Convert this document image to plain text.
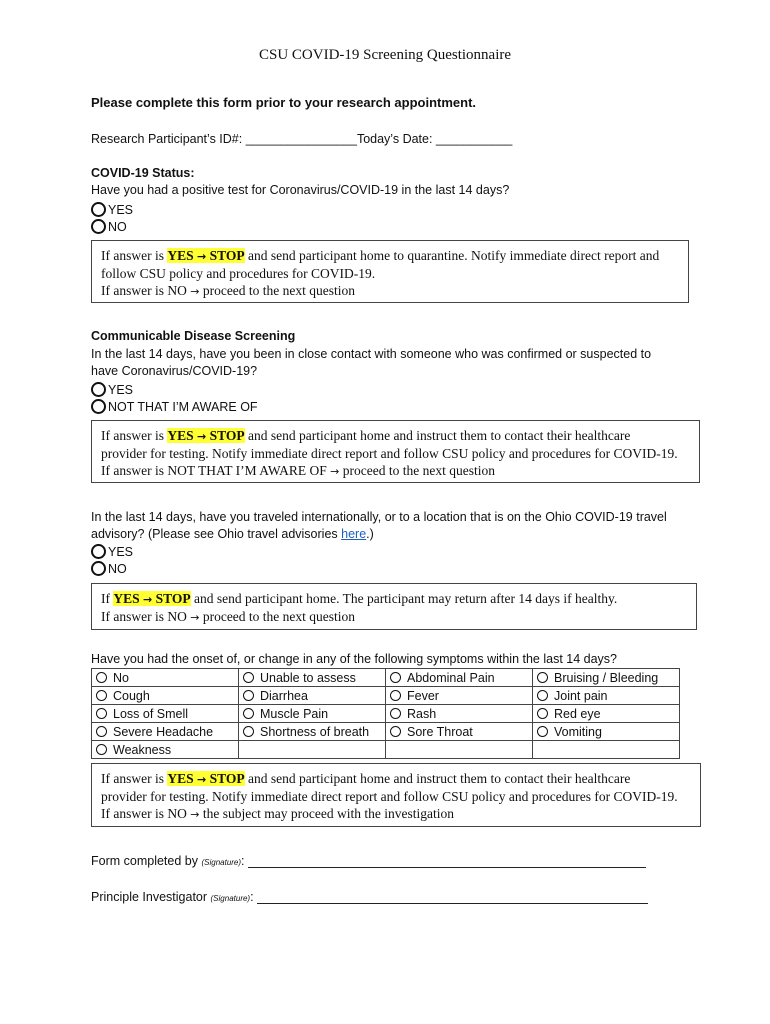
CSU COVID-19 Screening Questionnaire
Please complete this form prior to your research appointment.
Research Participant’s ID#: ________________Today’s Date: ___________
COVID-19 Status:
Have you had a positive test for Coronavirus/COVID-19 in the last 14 days?
YES
NO
If answer is YES → STOP and send participant home to quarantine. Notify immediate direct report and
follow CSU policy and procedures for COVID-19.
If answer is NO → proceed to the next question
Communicable Disease Screening
In the last 14 days, have you been in close contact with someone who was confirmed or suspected to
have Coronavirus/COVID-19?
YES
NOT THAT I’M AWARE OF
If answer is YES → STOP and send participant home and instruct them to contact their healthcare
provider for testing. Notify immediate direct report and follow CSU policy and procedures for COVID-19.
If answer is NOT THAT I’M AWARE OF → proceed to the next question
In the last 14 days, have you traveled internationally, or to a location that is on the Ohio COVID-19 travel
advisory? (Please see Ohio travel advisories here.)
YES
NO
If YES → STOP and send participant home. The participant may return after 14 days if healthy.
If answer is NO → proceed to the next question
Have you had the onset of, or change in any of the following symptoms within the last 14 days?
No	Unable to assess	Abdominal Pain	Bruising / Bleeding
Cough	Diarrhea	Fever	Joint pain
Loss of Smell	Muscle Pain	Rash	Red eye
Severe Headache	Shortness of breath	Sore Throat	Vomiting
Weakness			
If answer is YES → STOP and send participant home and instruct them to contact their healthcare
provider for testing. Notify immediate direct report and follow CSU policy and procedures for COVID-19.
If answer is NO → the subject may proceed with the investigation
Form completed by (Signature):
Principle Investigator (Signature):
